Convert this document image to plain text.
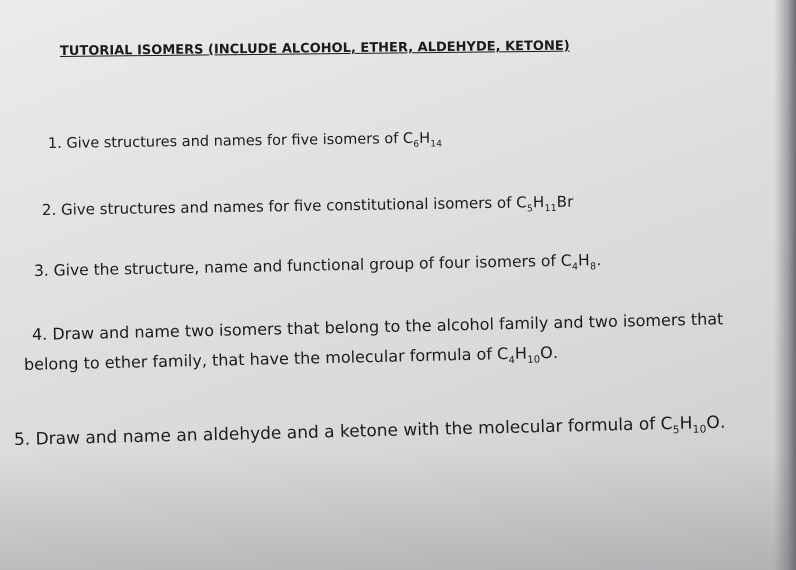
TUTORIAL ISOMERS (INCLUDE ALCOHOL, ETHER, ALDEHYDE, KETONE)
1. Give structures and names for five isomers of $C_6H_{14}$
2. Give structures and names for five constitutional isomers of $C_5H_{11}Br$
3. Give the structure, name and functional group of four isomers of $C_4H_8$.
4. Draw and name two isomers that belong to the alcohol family and two isomers that
belong to ether family, that have the molecular formula of $C_4H_{10}O$.
5. Draw and name an aldehyde and a ketone with the molecular formula of $C_5H_{10}O$.
